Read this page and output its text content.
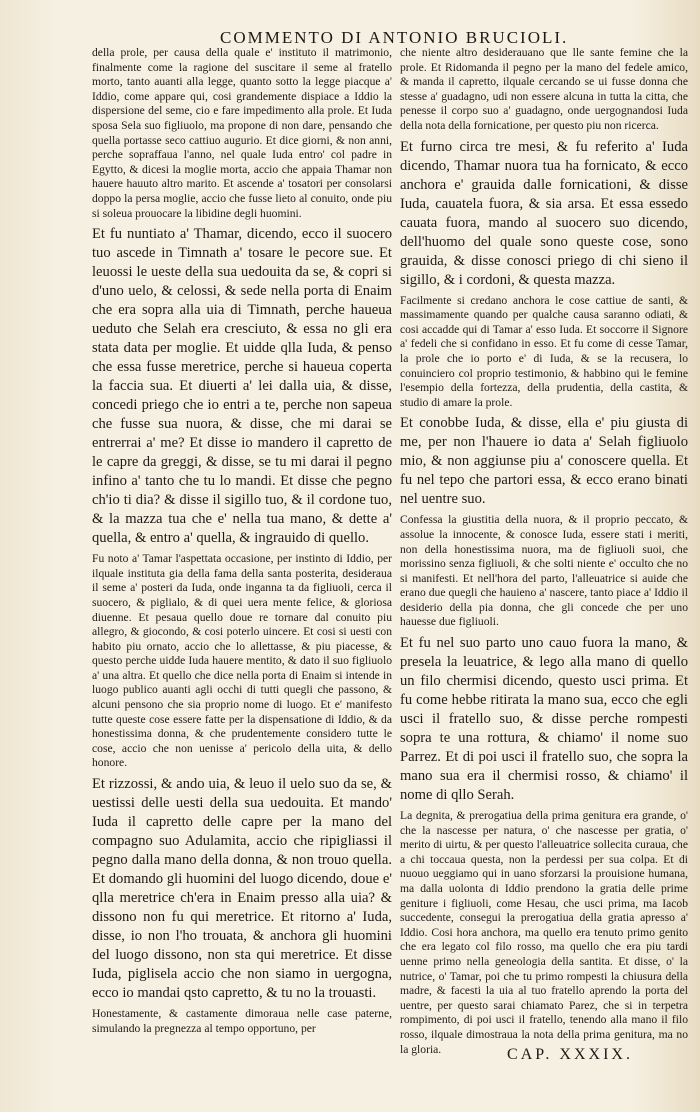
COMMENTO DI ANTONIO BRUCIOLI.

della prole, per causa della quale e' instituto il matrimonio, finalmente come la ragione del suscitare il seme al fratello morto, tanto auanti alla legge, quanto sotto la legge piacque a' Iddio, come appare qui, cosi grandemente dispiace a Iddio la dispersione del seme, cio e fare impedimento alla prole. Et Iuda sposa Sela suo figliuolo, ma propone di non dare, pensando che quella portasse seco cattiuo augurio. Et dice giorni, & non anni, perche sopraffaua l'anno, nel quale Iuda entro' col padre in Egytto, & dicesi la moglie morta, accio che appaia Thamar non hauere hauuto altro marito. Et ascende a' tosatori per consolarsi doppo la persa moglie, accio che fusse lieto al conuito, onde piu si soleua prouocare la libidine degli huomini.

Et fu nuntiato a' Thamar, dicendo, ecco il suocero tuo ascede in Timnath a' tosare le pecore sue. Et leuossi le ueste della sua uedouita da se, & copri si d'uno uelo, & celossi, & sede nella porta di Enaim che era sopra alla uia di Timnath, perche haueua ueduto che Selah era cresciuto, & essa no gli era stata data per moglie. Et uidde qlla Iuda, & penso che essa fusse meretrice, perche si haueua coperta la faccia sua. Et diuerti a' lei dalla uia, & disse, concedi priego che io entri a te, perche non sapeua che fusse sua nuora, & disse, che mi darai se entrerrai a' me? Et disse io mandero il capretto de le capre da greggi, & disse, se tu mi darai il pegno infino a' tanto che tu lo mandi. Et disse che pegno ch'io ti dia? & disse il sigillo tuo, & il cordone tuo, & la mazza tua che e' nella tua mano, & dette a' quella, & entro a' quella, & ingrauido di quello.

Fu noto a' Tamar l'aspettata occasione, per instinto di Iddio, per ilquale instituta gia della fama della santa posterita, desideraua il seme a' posteri da Iuda, onde inganna ta da figliuoli, cerca il suocero, & piglialo, & di quei uera mente felice, & gloriosa diuenne. Et pesaua quello doue re tornare dal conuito piu allegro, & giocondo, & cosi poterlo uincere. Et cosi si uesti con habito piu ornato, accio che lo allettasse, & piu piacesse, & questo perche uidde Iuda hauere mentito, & dato il suo figliuolo a' una altra. Et quello che dice nella porta di Enaim si intende in luogo publico auanti agli occhi di tutti quegli che passono, & alcuni pensono che sia proprio nome di luogo. Et e' manifesto tutte queste cose essere fatte per la dispensatione di Iddio, & da honestissima donna, & che prudentemente considero tutte le cose, accio che non uenisse a' pericolo della uita, & dello honore.

Et rizzossi, & ando uia, & leuo il uelo suo da se, & uestissi delle uesti della sua uedouita. Et mando' Iuda il capretto delle capre per la mano del compagno suo Adulamita, accio che ripigliassi il pegno dalla mano della donna, & non trouo quella. Et domando gli huomini del luogo dicendo, doue e' qlla meretrice ch'era in Enaim presso alla uia? & dissono non fu qui meretrice. Et ritorno a' Iuda, disse, io non l'ho trouata, & anchora gli huomini del luogo dissono, non sta qui meretrice. Et disse Iuda, piglisela accio che non siamo in uergogna, ecco io mandai qsto capretto, & tu no la trouasti.

Honestamente, & castamente dimoraua nelle case paterne, simulando la pregnezza al tempo opportuno, per

che niente altro desiderauano que lle sante femine che la prole. Et Ridomanda il pegno per la mano del fedele amico, & manda il capretto, ilquale cercando se ui fusse donna che stesse a' guadagno, udi non essere alcuna in tutta la citta, che penesse il corpo suo a' guadagno, onde uergognandosi Iuda della nota della fornicatione, per questo piu non ricerca.

Et furno circa tre mesi, & fu referito a' Iuda dicendo, Thamar nuora tua ha fornicato, & ecco anchora e' grauida dalle fornicationi, & disse Iuda, cauatela fuora, & sia arsa. Et essa essedo cauata fuora, mando al suocero suo dicendo, dell'huomo del quale sono queste cose, sono grauida, & disse conosci priego di chi sieno il sigillo, & i cordoni, & questa mazza.

Facilmente si credano anchora le cose cattiue de santi, & massimamente quando per qualche causa saranno odiati, & cosi accadde qui di Tamar a' esso Iuda. Et soccorre il Signore a' fedeli che si confidano in esso. Et fu come di cesse Tamar, la prole che io porto e' di Iuda, & se la recusera, lo conuinciero col proprio testimonio, & habbino qui le femine l'esempio della fortezza, della prudentia, della castita, & studio di amare la prole.

Et conobbe Iuda, & disse, ella e' piu giusta di me, per non l'hauere io data a' Selah figliuolo mio, & non aggiunse piu a' conoscere quella. Et fu nel tepo che partori essa, & ecco erano binati nel uentre suo.

Confessa la giustitia della nuora, & il proprio peccato, & assolue la innocente, & conosce Iuda, essere stati i meriti, non della honestissima nuora, ma de figliuoli suoi, che morissino senza figliuoli, & che solti niente e' occulto che no si manifesti. Et nell'hora del parto, l'alleuatrice si auide che erano due quegli che hauieno a' nascere, tanto piace a' Iddio il desiderio della pia donna, che gli concede che per uno hauesse due figliuoli.

Et fu nel suo parto uno cauo fuora la mano, & presela la leuatrice, & lego alla mano di quello un filo chermisi dicendo, questo usci prima. Et fu come hebbe ritirata la mano sua, ecco che egli usci il fratello suo, & disse perche rompesti sopra te una rottura, & chiamo' il nome suo Parrez. Et di poi usci il fratello suo, che sopra la mano sua era il chermisi rosso, & chiamo' il nome di qllo Serah.

La degnita, & prerogatiua della prima genitura era grande, o' che la nascesse per natura, o' che nascesse per gratia, o' merito di uirtu, & per questo l'alleuatrice sollecita curaua, che a chi toccaua questa, non la perdessi per sua colpa. Et di nuouo ueggiamo qui in uano sforzarsi la prouisione humana, ma dalla uolonta di Iddio prendono la gratia delle prime geniture i figliuoli, come Hesau, che usci prima, ma Iacob succedente, consegui la prerogatiua della gratia apresso a' Iddio. Cosi hora anchora, ma quello era tenuto primo genito che era legato col filo rosso, ma quello che era piu tardi uenne primo nella geneologia della santita. Et disse, o' la nutrice, o' Tamar, poi che tu primo rompesti la chiusura della madre, & facesti la uia al tuo fratello aprendo la porta del uentre, per questo sarai chiamato Parez, che si in terpetra rompimento, di poi usci il fratello, tenendo alla mano il filo rosso, ilquale dimostraua la nota della prima genitura, ma no la gloria.	CAP. XXXIX.
